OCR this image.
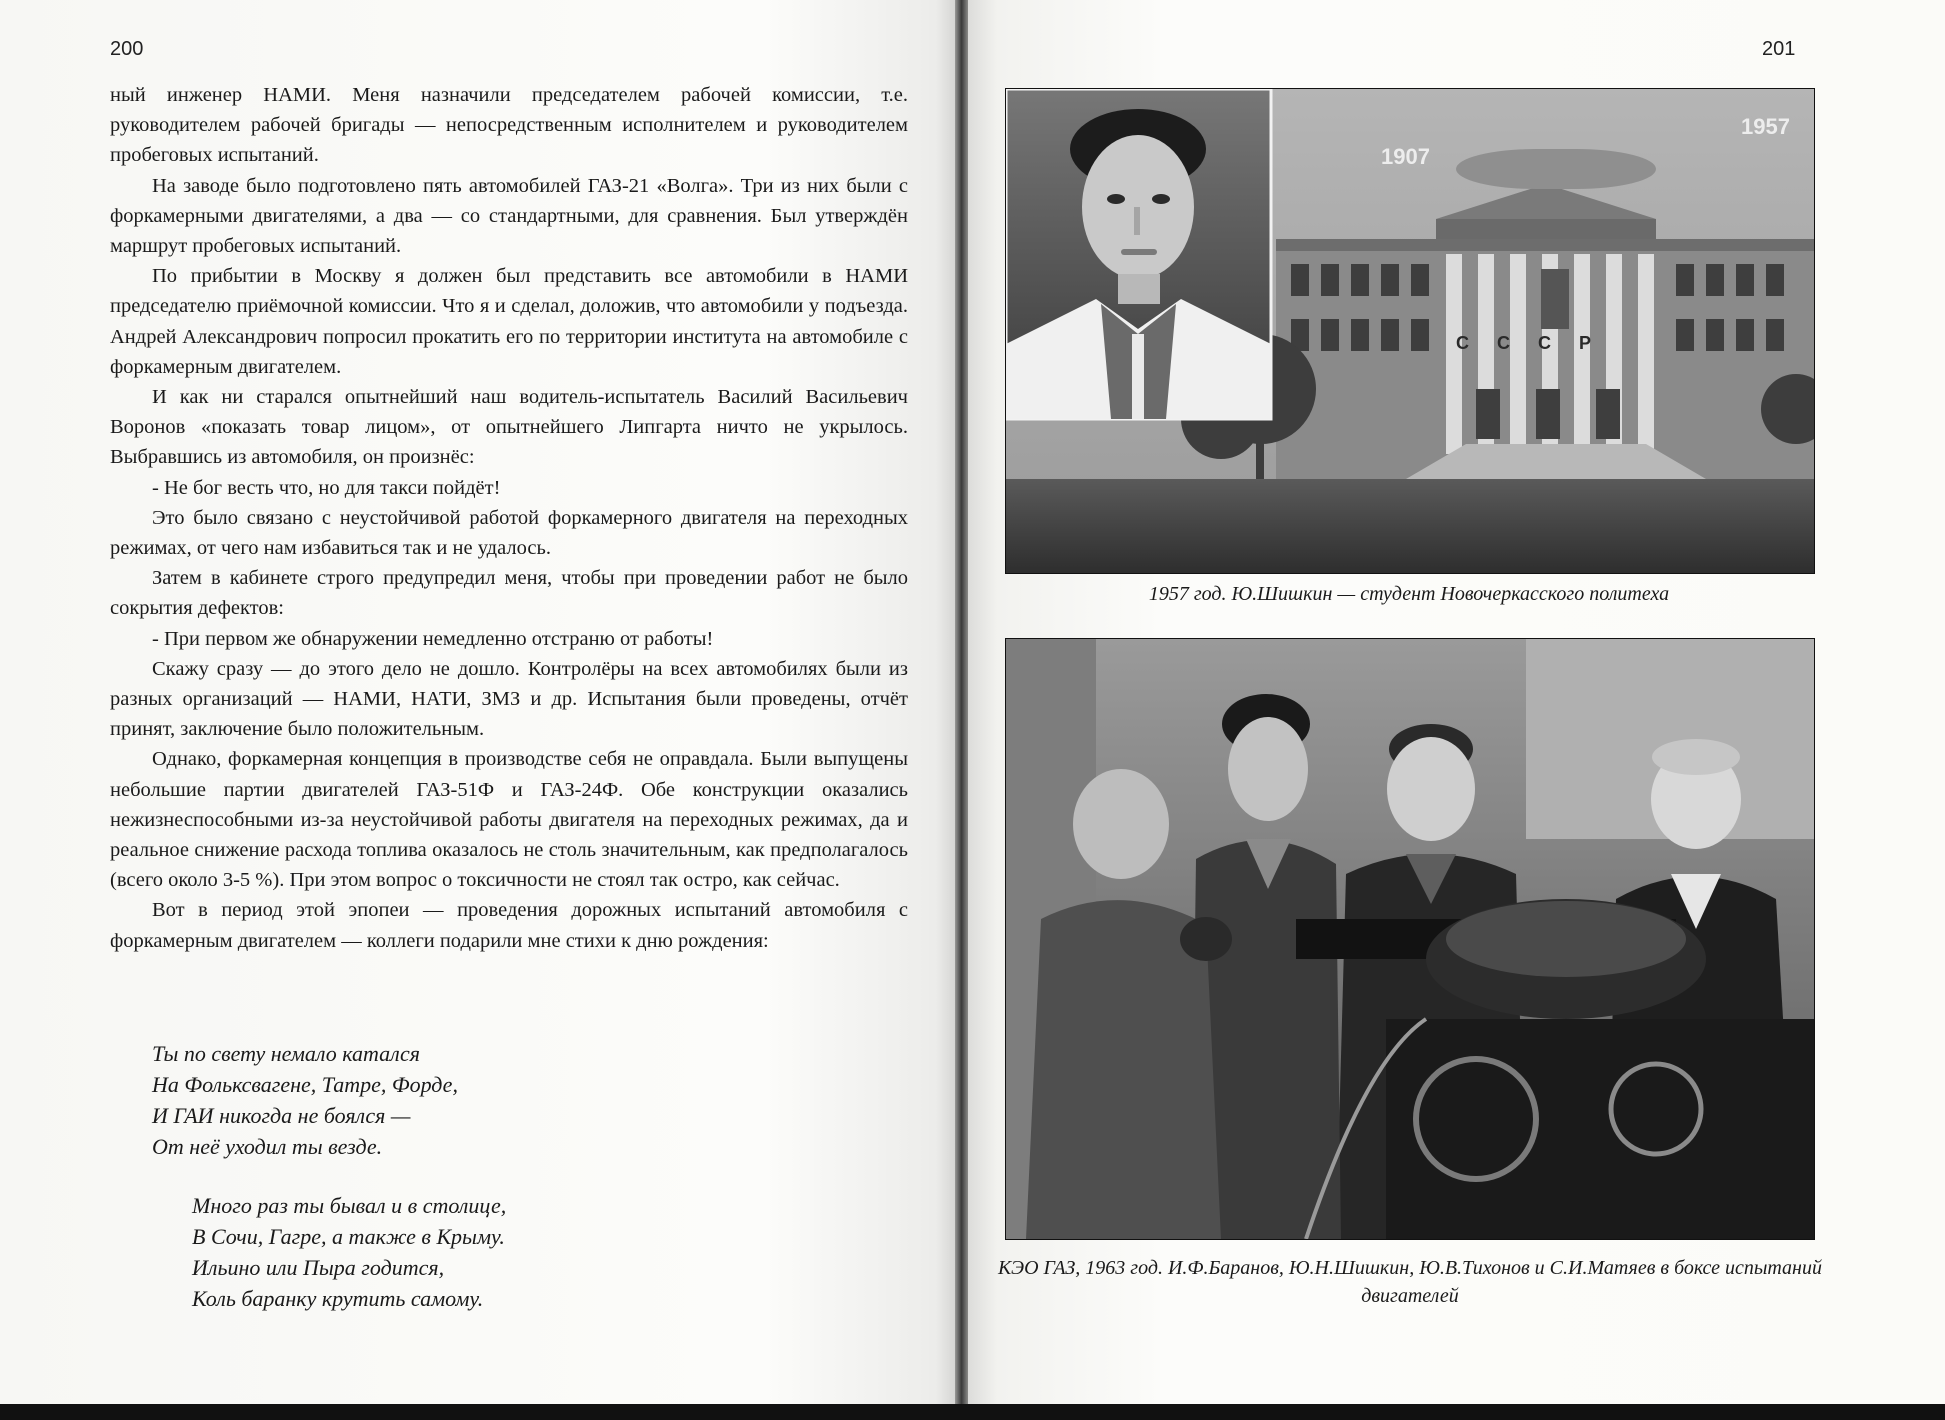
200

ный инженер НАМИ. Меня назначили председателем рабочей комиссии, т.е. руководителем рабочей бригады — непосредственным исполнителем и руководителем пробеговых испытаний.

На заводе было подготовлено пять автомобилей ГАЗ-21 «Волга». Три из них были с форкамерными двигателями, а два — со стандартными, для сравнения. Был утверждён маршрут пробеговых испытаний.

По прибытии в Москву я должен был представить все автомобили в НАМИ председателю приёмочной комиссии. Что я и сделал, доложив, что автомобили у подъезда. Андрей Александрович попросил прокатить его по территории института на автомобиле с форкамерным двигателем.

И как ни старался опытнейший наш водитель-испытатель Василий Васильевич Воронов «показать товар лицом», от опытнейшего Липгарта ничто не укрылось. Выбравшись из автомобиля, он произнёс:

- Не бог весть что, но для такси пойдёт!

Это было связано с неустойчивой работой форкамерного двигателя на переходных режимах, от чего нам избавиться так и не удалось.

Затем в кабинете строго предупредил меня, чтобы при проведении работ не было сокрытия дефектов:

- При первом же обнаружении немедленно отстраню от работы!

Скажу сразу — до этого дело не дошло. Контролёры на всех автомобилях были из разных организаций — НАМИ, НАТИ, ЗМЗ и др. Испытания были проведены, отчёт принят, заключение было положительным.

Однако, форкамерная концепция в производстве себя не оправдала. Были выпущены небольшие партии двигателей ГАЗ-51Ф и ГАЗ-24Ф. Обе конструкции оказались нежизнеспособными из-за неустойчивой работы двигателя на переходных режимах, да и реальное снижение расхода топлива оказалось не столь значительным, как предполагалось (всего около 3-5 %). При этом вопрос о токсичности не стоял так остро, как сейчас.

Вот в период этой эпопеи — проведения дорожных испытаний автомобиля с форкамерным двигателем — коллеги подарили мне стихи к дню рождения:

Ты по свету немало катался
На Фольксвагене, Татре, Форде,
И ГАИ никогда не боялся —
От неё уходил ты везде.
Много раз ты бывал и в столице,
В Сочи, Гагре, а также в Крыму.
Ильино или Пыра годится,
Коль баранку крутить самому.
201
1907
1957
СССР
1957 год. Ю.Шишкин — студент Новочеркасского политеха
КЭО ГАЗ, 1963 год. И.Ф.Баранов, Ю.Н.Шишкин, Ю.В.Тихонов и С.И.Матяев в боксе испытаний двигателей
